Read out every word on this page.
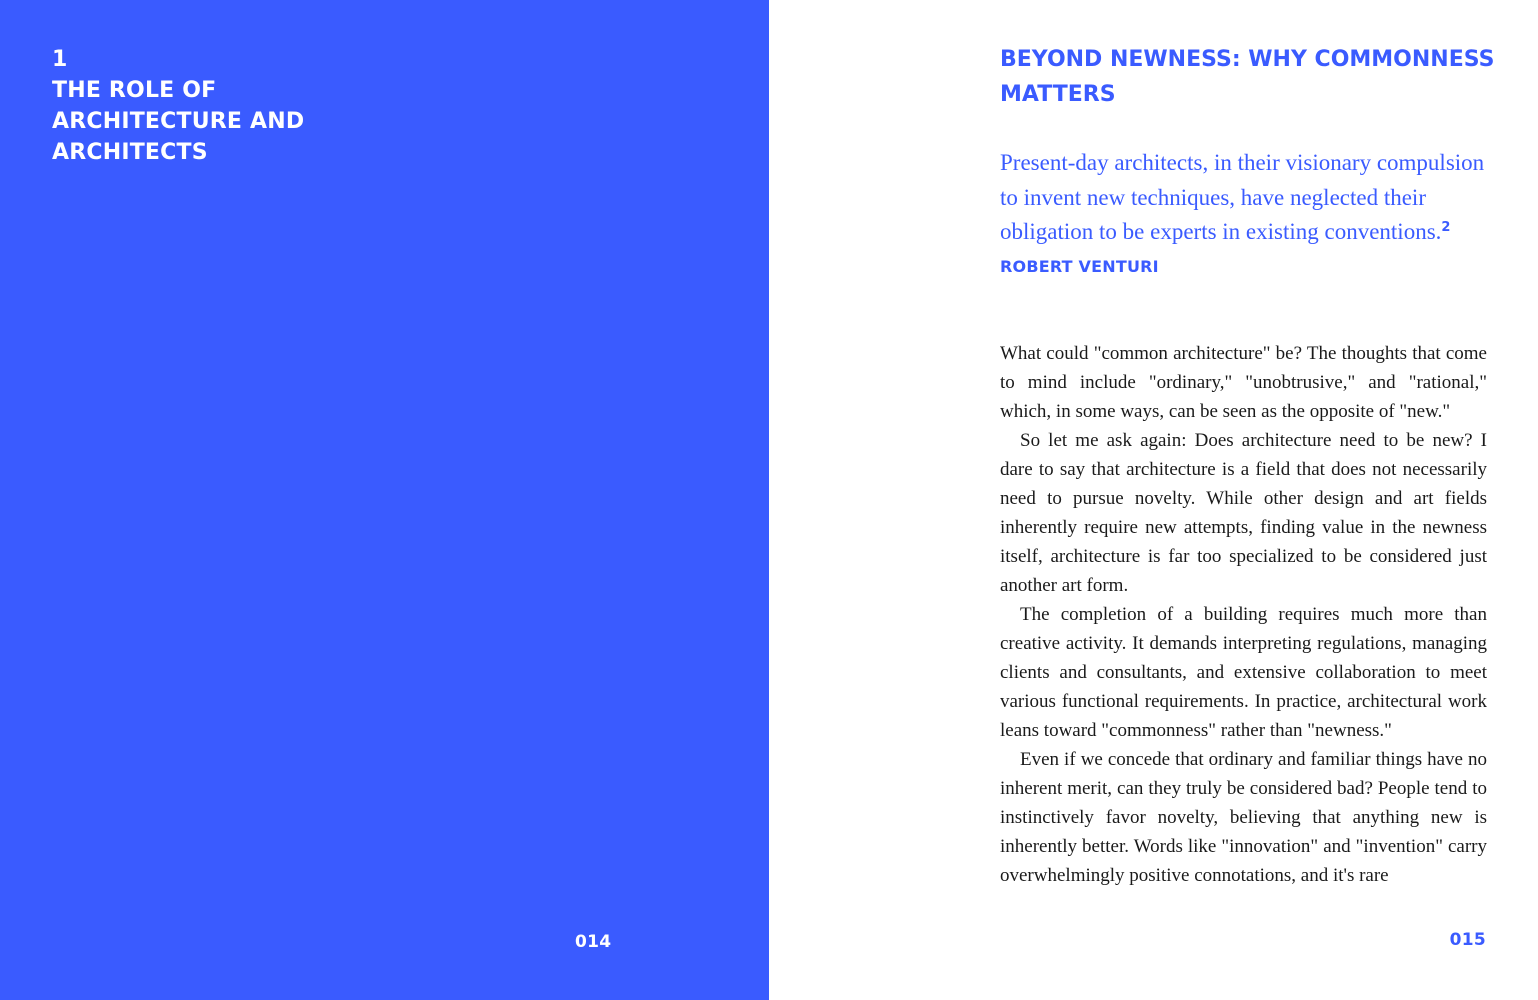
1
THE ROLE OF
ARCHITECTURE AND
ARCHITECTS
014
BEYOND NEWNESS: WHY COMMONNESS MATTERS

Present-day architects, in their visionary compulsion to invent new techniques, have neglected their obligation to be experts in existing conventions.$^2$

ROBERT VENTURI

What could "common architecture" be? The thoughts that come to mind include "ordinary," "unobtrusive," and "rational," which, in some ways, can be seen as the opposite of "new."

So let me ask again: Does architecture need to be new? I dare to say that architecture is a field that does not necessarily need to pursue novelty. While other design and art fields inherently require new attempts, finding value in the newness itself, architecture is far too specialized to be considered just another art form.

The completion of a building requires much more than creative activity. It demands interpreting regulations, managing clients and consultants, and extensive collaboration to meet various functional requirements. In practice, architectural work leans toward "commonness" rather than "newness."

Even if we concede that ordinary and familiar things have no inherent merit, can they truly be considered bad? People tend to instinctively favor novelty, believing that anything new is inherently better. Words like "innovation" and "invention" carry overwhelmingly positive connotations, and it's rare

015
